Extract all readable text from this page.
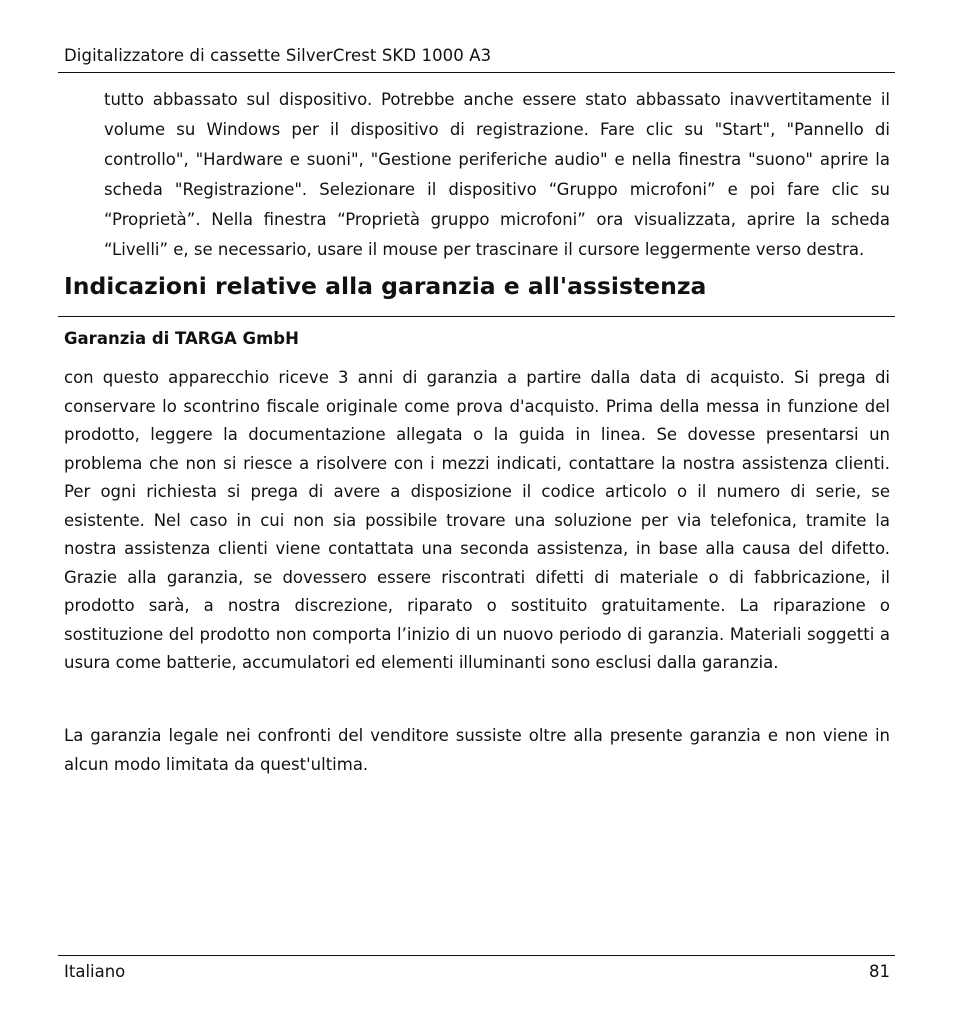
Digitalizzatore di cassette SilverCrest SKD 1000 A3

tutto abbassato sul dispositivo. Potrebbe anche essere stato abbassato inavvertitamente il volume su Windows per il dispositivo di registrazione. Fare clic su "Start", "Pannello di controllo", "Hardware e suoni", "Gestione periferiche audio" e nella finestra "suono" aprire la scheda "Registrazione". Selezionare il dispositivo “Gruppo microfoni” e poi fare clic su “Proprietà”. Nella finestra “Proprietà gruppo microfoni” ora visualizzata, aprire la scheda “Livelli” e, se necessario, usare il mouse per trascinare il cursore leggermente verso destra.

Indicazioni relative alla garanzia e all'assistenza
Garanzia di TARGA GmbH

con questo apparecchio riceve 3 anni di garanzia a partire dalla data di acquisto. Si prega di conservare lo scontrino fiscale originale come prova d'acquisto. Prima della messa in funzione del prodotto, leggere la documentazione allegata o la guida in linea. Se dovesse presentarsi un problema che non si riesce a risolvere con i mezzi indicati, contattare la nostra assistenza clienti. Per ogni richiesta si prega di avere a disposizione il codice articolo o il numero di serie, se esistente. Nel caso in cui non sia possibile trovare una soluzione per via telefonica, tramite la nostra assistenza clienti viene contattata una seconda assistenza, in base alla causa del difetto. Grazie alla garanzia, se dovessero essere riscontrati difetti di materiale o di fabbricazione, il prodotto sarà, a nostra discrezione, riparato o sostituito gratuitamente. La riparazione o sostituzione del prodotto non comporta l’inizio di un nuovo periodo di garanzia. Materiali soggetti a usura come batterie, accumulatori ed elementi illuminanti sono esclusi dalla garanzia.

La garanzia legale nei confronti del venditore sussiste oltre alla presente garanzia e non viene in alcun modo limitata da quest'ultima.

Italiano	81
